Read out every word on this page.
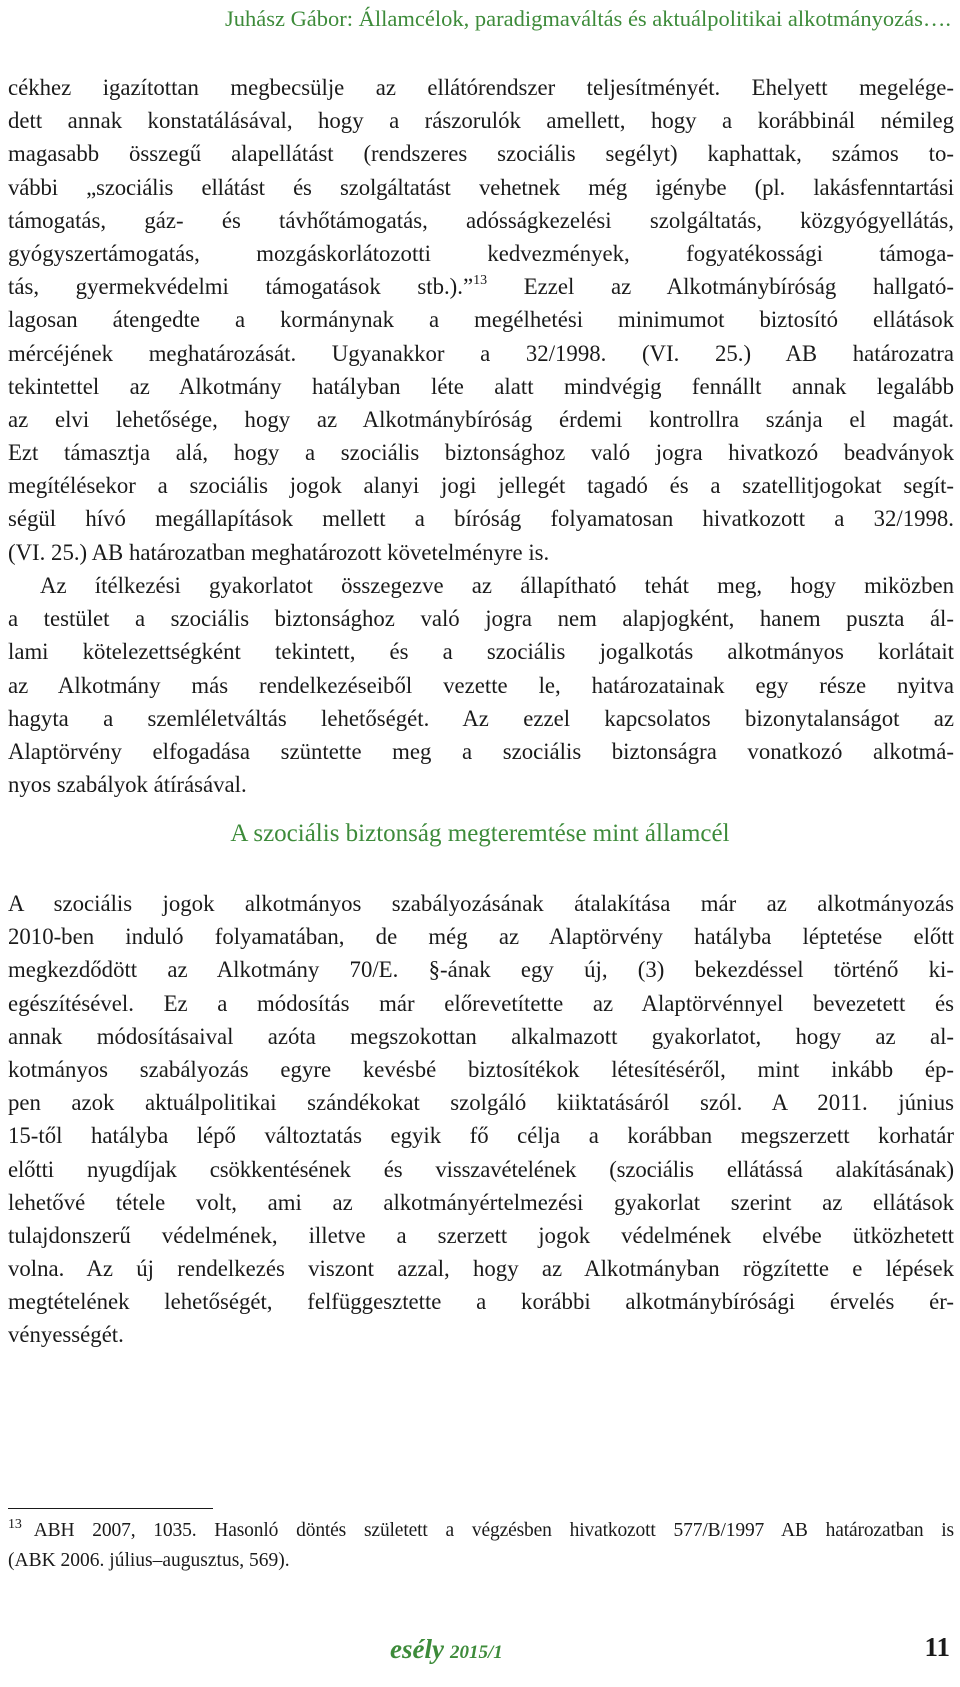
Juhász Gábor: Államcélok, paradigmaváltás és aktuálpolitikai alkotmányozás….
cékhez igazítottan megbecsülje az ellátórendszer teljesítményét. Ehelyett megelége-
dett annak konstatálásával, hogy a rászorulók amellett, hogy a korábbinál némileg
magasabb összegű alapellátást (rendszeres szociális segélyt) kaphattak, számos to-
vábbi „szociális ellátást és szolgáltatást vehetnek még igénybe (pl. lakásfenntartási
támogatás, gáz- és távhőtámogatás, adósságkezelési szolgáltatás, közgyógyellátás,
gyógyszertámogatás, mozgáskorlátozotti kedvezmények, fogyatékossági támoga-
tás, gyermekvédelmi támogatások stb.).”$^{13}$ Ezzel az Alkotmánybíróság hallgató-
lagosan átengedte a kormánynak a megélhetési minimumot biztosító ellátások
mércéjének meghatározását. Ugyanakkor a 32/1998. (VI. 25.) AB határozatra
tekintettel az Alkotmány hatályban léte alatt mindvégig fennállt annak legalább
az elvi lehetősége, hogy az Alkotmánybíróság érdemi kontrollra szánja el magát.
Ezt támasztja alá, hogy a szociális biztonsághoz való jogra hivatkozó beadványok
megítélésekor a szociális jogok alanyi jogi jellegét tagadó és a szatellitjogokat segít-
ségül hívó megállapítások mellett a bíróság folyamatosan hivatkozott a 32/1998.
(VI. 25.) AB határozatban meghatározott követelményre is.
Az ítélkezési gyakorlatot összegezve az állapítható tehát meg, hogy miközben
a testület a szociális biztonsághoz való jogra nem alapjogként, hanem puszta ál-
lami kötelezettségként tekintett, és a szociális jogalkotás alkotmányos korlátait
az Alkotmány más rendelkezéseiből vezette le, határozatainak egy része nyitva
hagyta a szemléletváltás lehetőségét. Az ezzel kapcsolatos bizonytalanságot az
Alaptörvény elfogadása szüntette meg a szociális biztonságra vonatkozó alkotmá-
nyos szabályok átírásával.
A szociális biztonság megteremtése mint államcél
A szociális jogok alkotmányos szabályozásának átalakítása már az alkotmányozás
2010-ben induló folyamatában, de még az Alaptörvény hatályba léptetése előtt
megkezdődött az Alkotmány 70/E. §-ának egy új, (3) bekezdéssel történő ki-
egészítésével. Ez a módosítás már előrevetítette az Alaptörvénnyel bevezetett és
annak módosításaival azóta megszokottan alkalmazott gyakorlatot, hogy az al-
kotmányos szabályozás egyre kevésbé biztosítékok létesítéséről, mint inkább ép-
pen azok aktuálpolitikai szándékokat szolgáló kiiktatásáról szól. A 2011. június
15-től hatályba lépő változtatás egyik fő célja a korábban megszerzett korhatár
előtti nyugdíjak csökkentésének és visszavételének (szociális ellátássá alakításának)
lehetővé tétele volt, ami az alkotmányértelmezési gyakorlat szerint az ellátások
tulajdonszerű védelmének, illetve a szerzett jogok védelmének elvébe ütközhetett
volna. Az új rendelkezés viszont azzal, hogy az Alkotmányban rögzítette e lépések
megtételének lehetőségét, felfüggesztette a korábbi alkotmánybírósági érvelés ér-
vényességét.
$^{13}$ ABH 2007, 1035. Hasonló döntés született a végzésben hivatkozott 577/B/1997 AB határozatban is
(ABK 2006. július–augusztus, 569).
esély 2015/1	11
